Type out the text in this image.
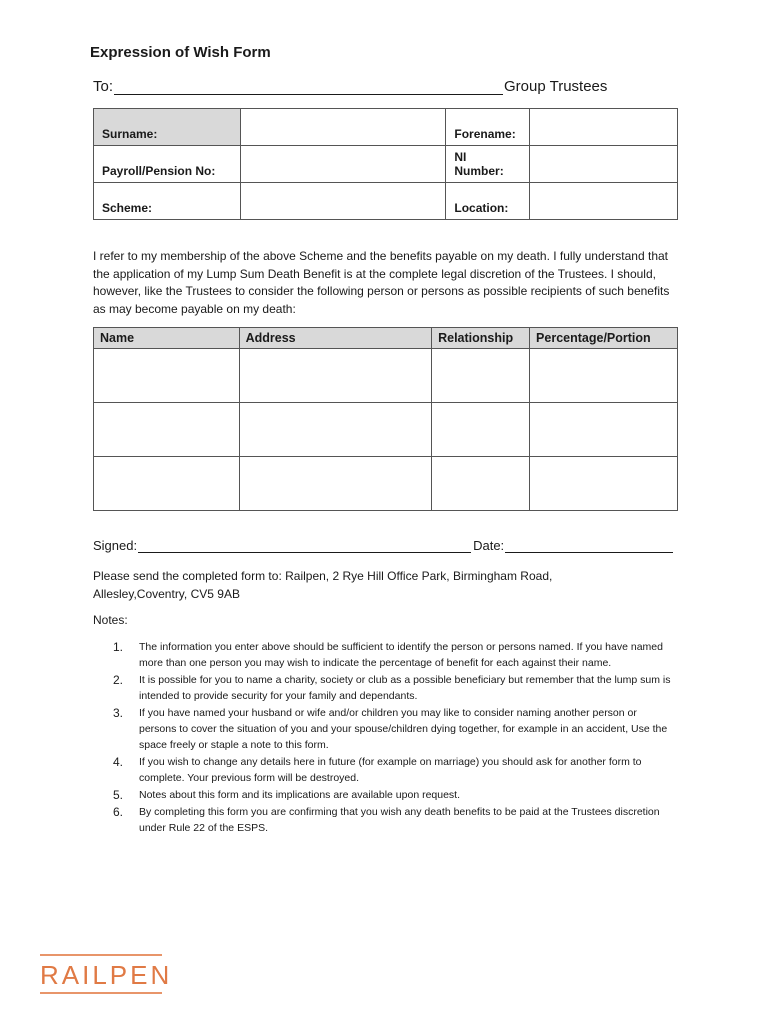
Expression of Wish Form
To:	Group Trustees
Surname:		Forename:	
Payroll/Pension No:		NI
Number:	
Scheme:		Location:	
I refer to my membership of the above Scheme and the benefits payable on my death. I fully understand that the application of my Lump Sum Death Benefit is at the complete legal discretion of the Trustees. I should, however, like the Trustees to consider the following person or persons as possible recipients of such benefits as may become payable on my death:
Name	Address	Relationship	Percentage/Portion

Signed:	Date:
Please send the completed form to: Railpen, 2 Rye Hill Office Park, Birmingham Road, Allesley,Coventry, CV5 9AB
Notes:
1. The information you enter above should be sufficient to identify the person or persons named. If you have named more than one person you may wish to indicate the percentage of benefit for each against their name.
2. It is possible for you to name a charity, society or club as a possible beneficiary but remember that the lump sum is intended to provide security for your family and dependants.
3. If you have named your husband or wife and/or children you may like to consider naming another person or persons to cover the situation of you and your spouse/children dying together, for example in an accident, Use the space freely or staple a note to this form.
4. If you wish to change any details here in future (for example on marriage) you should ask for another form to complete. Your previous form will be destroyed.
5. Notes about this form and its implications are available upon request.
6. By completing this form you are confirming that you wish any death benefits to be paid at the Trustees discretion under Rule 22 of the ESPS.
RAILPEN
